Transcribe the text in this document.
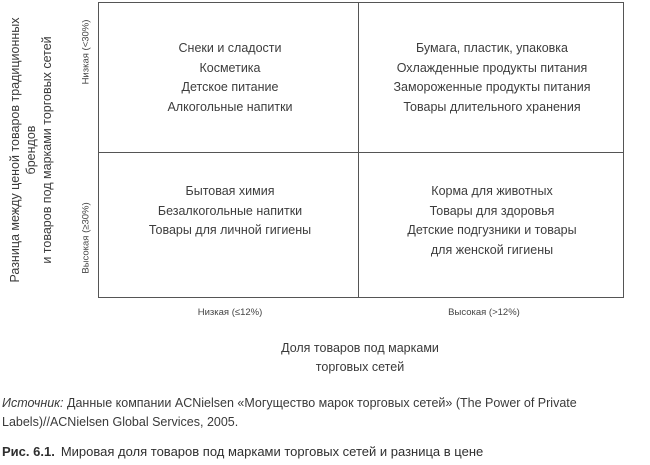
Разница между ценой товаров традиционных брендов и товаров под марками торговых сетей	Низкая (<30%)
Высокая (≥30%)
Снеки и сладости
Косметика
Детское питание
Алкогольные напитки
Бумага, пластик, упаковка
Охлажденные продукты питания
Замороженные продукты питания
Товары длительного хранения
Бытовая химия
Безалкогольные напитки
Товары для личной гигиены
Корма для животных
Товары для здоровья
Детские подгузники и товары
для женской гигиены
Низкая (≤12%)	Высокая (>12%)
Доля товаров под марками
торговых сетей
Источник: Данные компании ACNielsen «Могущество марок торговых сетей» (The Power of Private
Labels)//ACNielsen Global Services, 2005.
Рис. 6.1. Мировая доля товаров под марками торговых сетей и разница в цене
